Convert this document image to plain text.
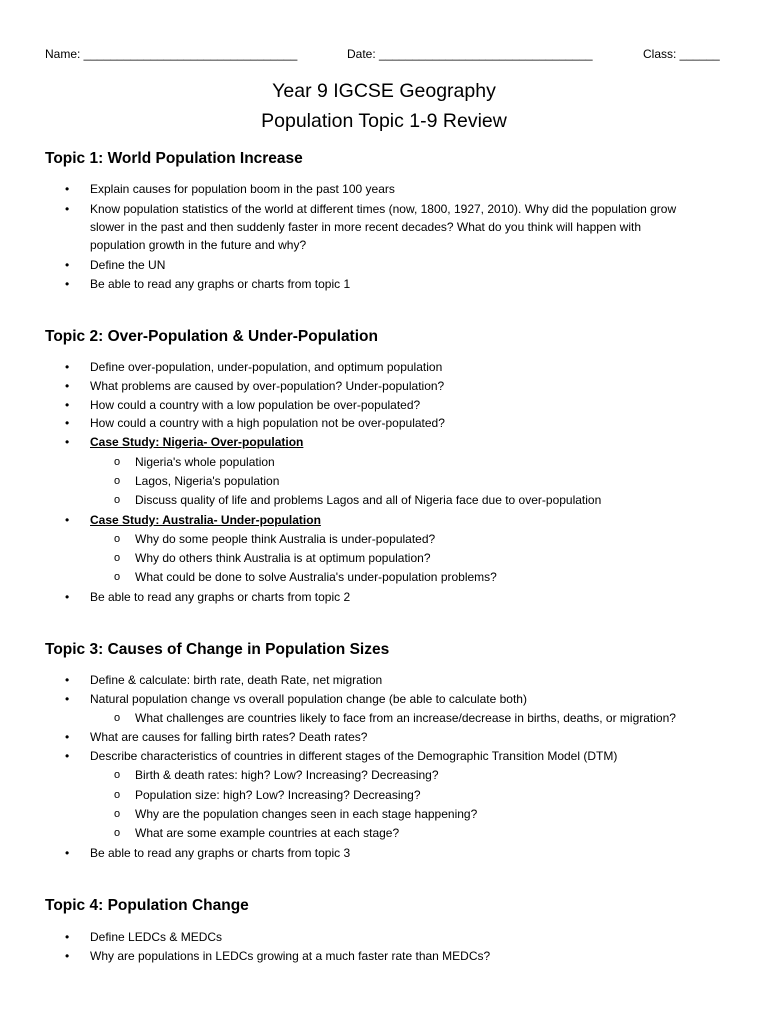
Name: ________________________________	Date: ________________________________	Class: ______
Year 9 IGCSE Geography
Population Topic 1-9 Review
Topic 1: World Population Increase
• Explain causes for population boom in the past 100 years
• Know population statistics of the world at different times (now, 1800, 1927, 2010). Why did the population grow
slower in the past and then suddenly faster in more recent decades? What do you think will happen with
population growth in the future and why?
• Define the UN
• Be able to read any graphs or charts from topic 1
Topic 2: Over-Population & Under-Population
• Define over-population, under-population, and optimum population
• What problems are caused by over-population? Under-population?
• How could a country with a low population be over-populated?
• How could a country with a high population not be over-populated?
• Case Study: Nigeria- Over-population
o Nigeria's whole population
o Lagos, Nigeria's population
o Discuss quality of life and problems Lagos and all of Nigeria face due to over-population
• Case Study: Australia- Under-population
o Why do some people think Australia is under-populated?
o Why do others think Australia is at optimum population?
o What could be done to solve Australia's under-population problems?
• Be able to read any graphs or charts from topic 2
Topic 3: Causes of Change in Population Sizes
• Define & calculate: birth rate, death Rate, net migration
• Natural population change vs overall population change (be able to calculate both)
o What challenges are countries likely to face from an increase/decrease in births, deaths, or migration?
• What are causes for falling birth rates? Death rates?
• Describe characteristics of countries in different stages of the Demographic Transition Model (DTM)
o Birth & death rates: high? Low? Increasing? Decreasing?
o Population size: high? Low? Increasing? Decreasing?
o Why are the population changes seen in each stage happening?
o What are some example countries at each stage?
• Be able to read any graphs or charts from topic 3
Topic 4: Population Change
• Define LEDCs & MEDCs
• Why are populations in LEDCs growing at a much faster rate than MEDCs?
